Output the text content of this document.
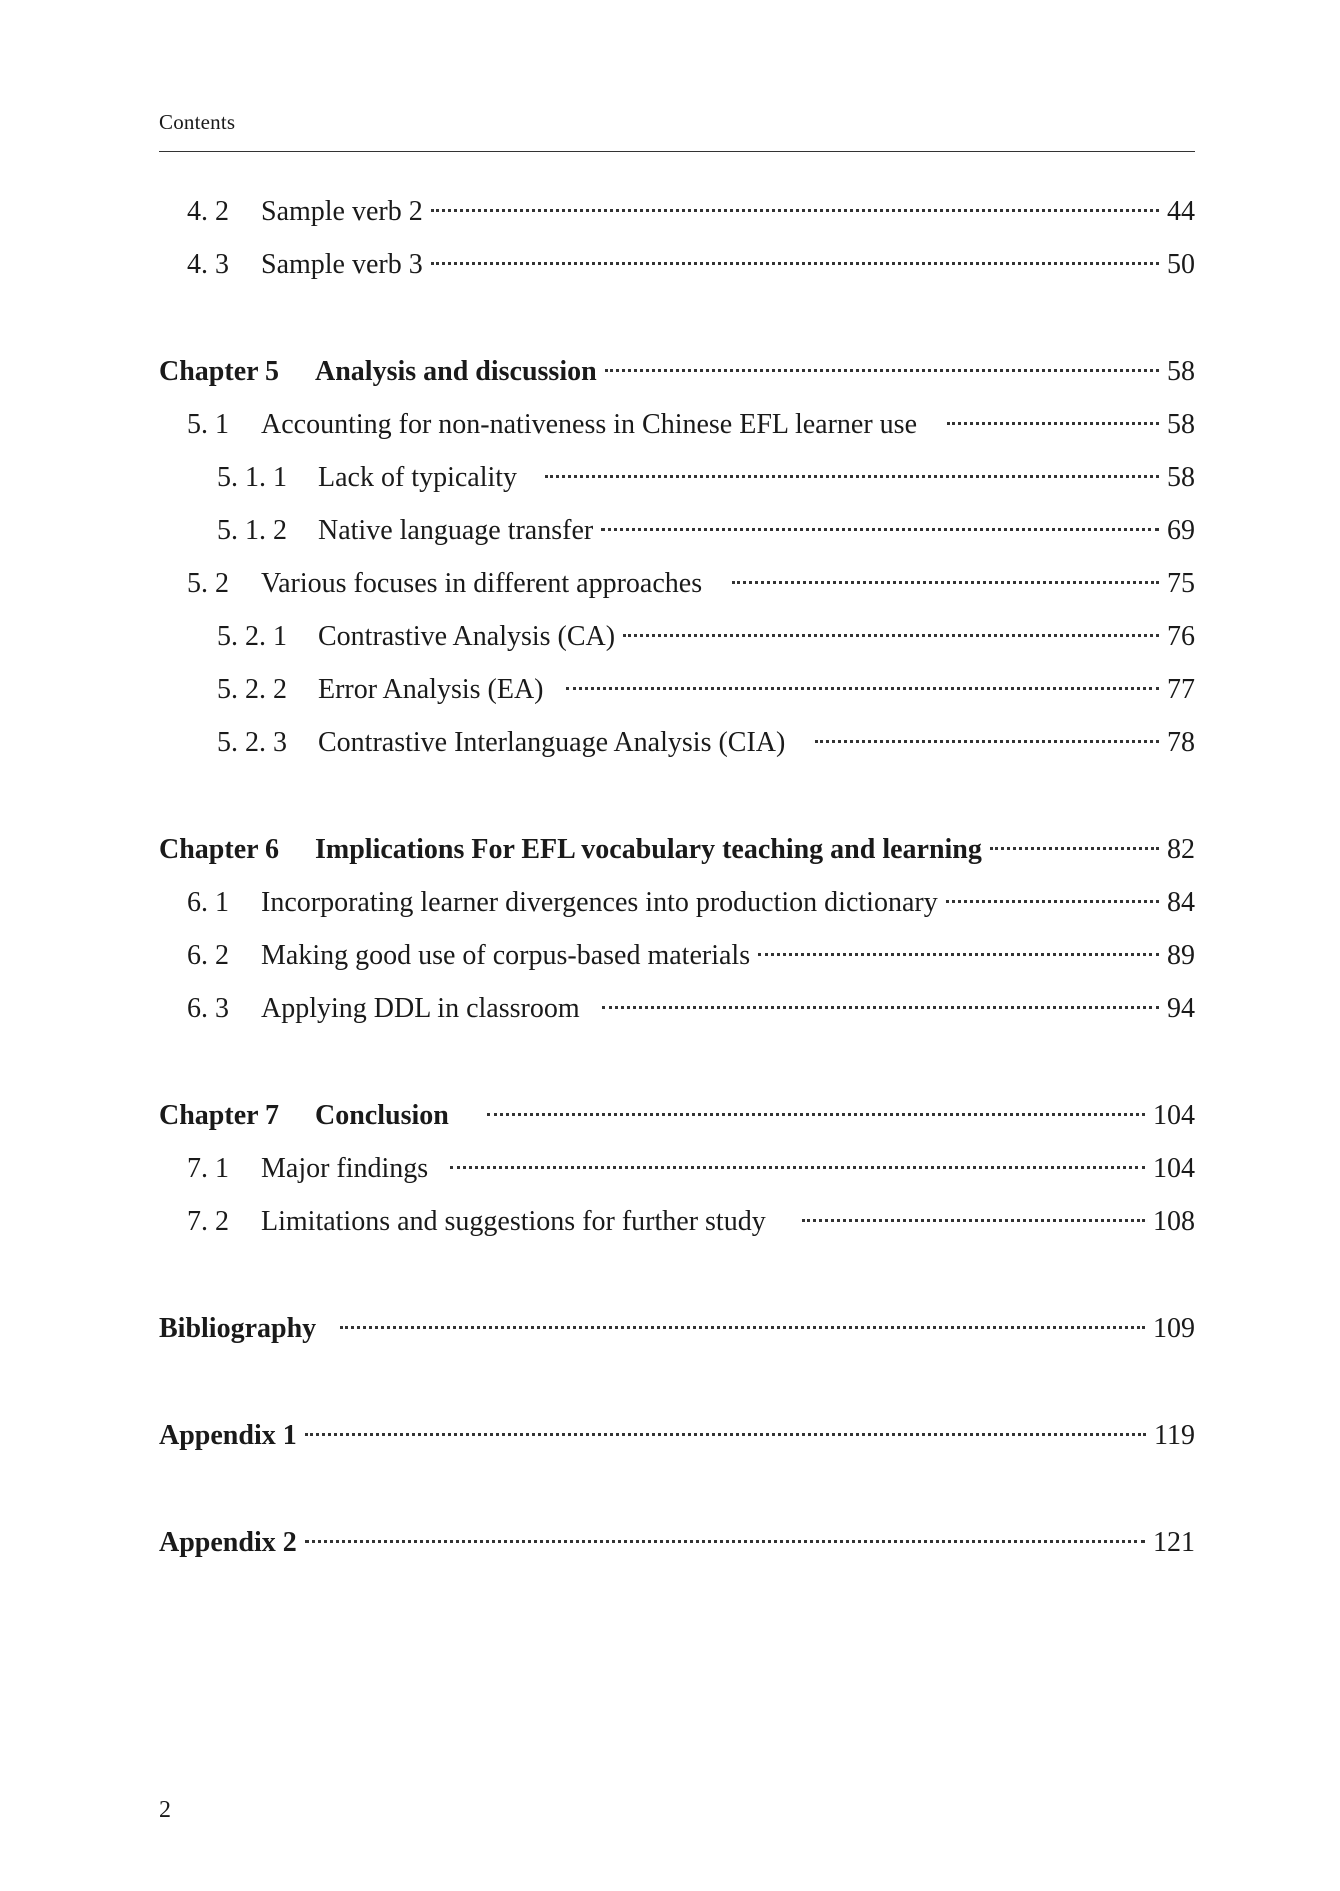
Contents
4. 2	Sample verb 2	44
4. 3	Sample verb 3	50
Chapter 5	Analysis and discussion	58
5. 1	Accounting for non-nativeness in Chinese EFL learner use	58
5. 1. 1	Lack of typicality	58
5. 1. 2	Native language transfer	69
5. 2	Various focuses in different approaches	75
5. 2. 1	Contrastive Analysis (CA)	76
5. 2. 2	Error Analysis (EA)	77
5. 2. 3	Contrastive Interlanguage Analysis (CIA)	78
Chapter 6	Implications For EFL vocabulary teaching and learning	82
6. 1	Incorporating learner divergences into production dictionary	84
6. 2	Making good use of corpus-based materials	89
6. 3	Applying DDL in classroom	94
Chapter 7	Conclusion	104
7. 1	Major findings	104
7. 2	Limitations and suggestions for further study	108
Bibliography	109
Appendix 1	119
Appendix 2	121
2
